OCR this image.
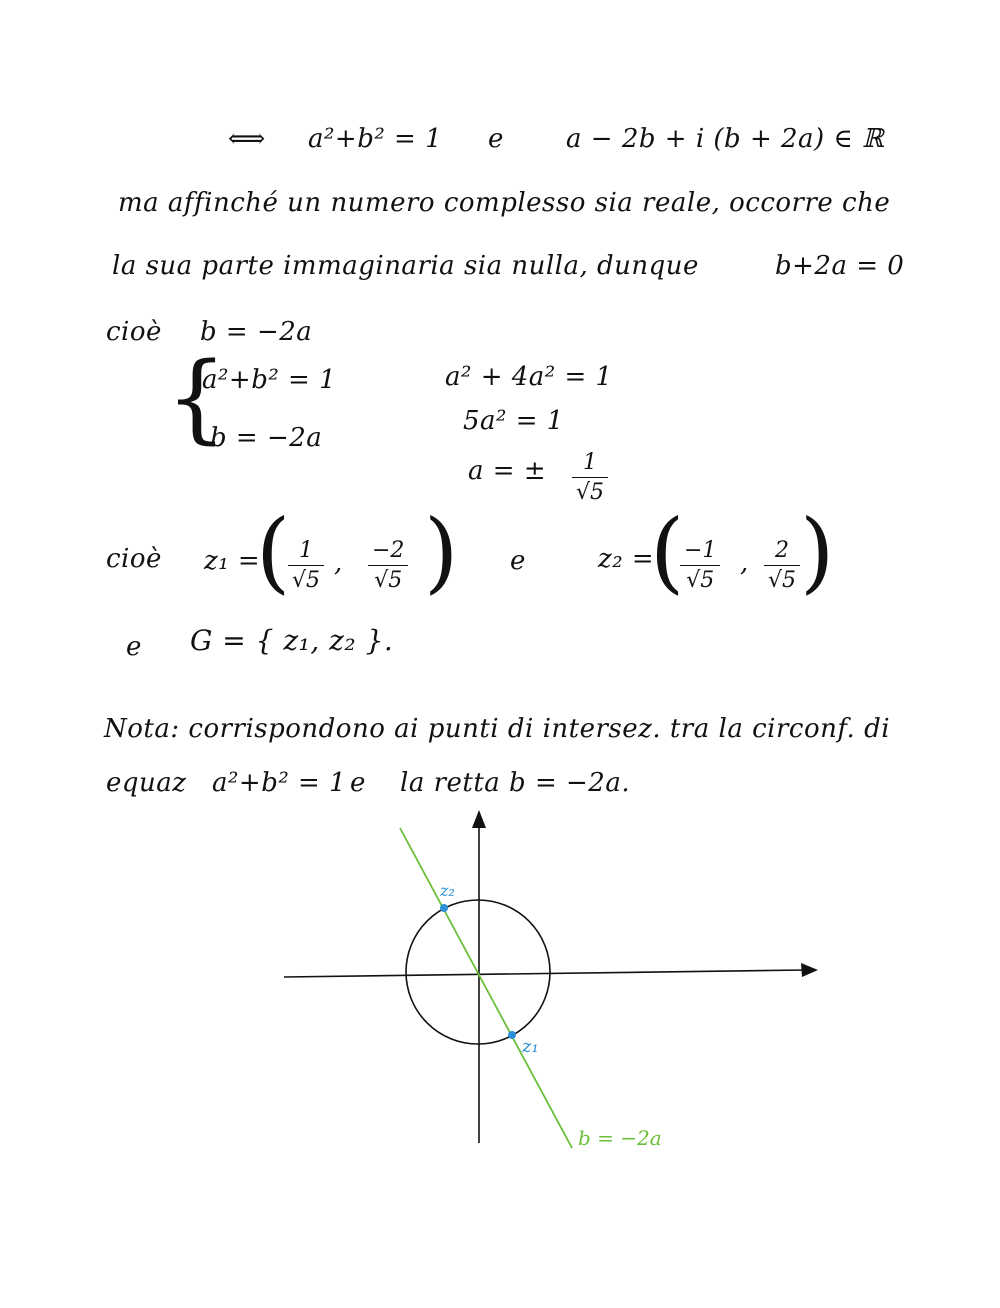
⟺ a²+b² = 1 e a − 2b + i (b + 2a) ∈ ℝ
ma affinché un numero complesso sia reale, occorre che
la sua parte immaginaria sia nulla, dunque	b+2a = 0
cioè b = −2a
{
a²+b² = 1
b = −2a
a² + 4a² = 1
5a² = 1
a = ± 1
√5
cioè z₁ =
( 1
√5
, −2
√5 ) e	z₂ =
( −1
√5
, 2
√5 )
e G = { z₁, z₂ }.
Nota: corrispondono ai punti di intersez. tra la circonf. di
equaz a²+b² = 1 e la retta b = −2a.
z₂
z₁
b = −2a
